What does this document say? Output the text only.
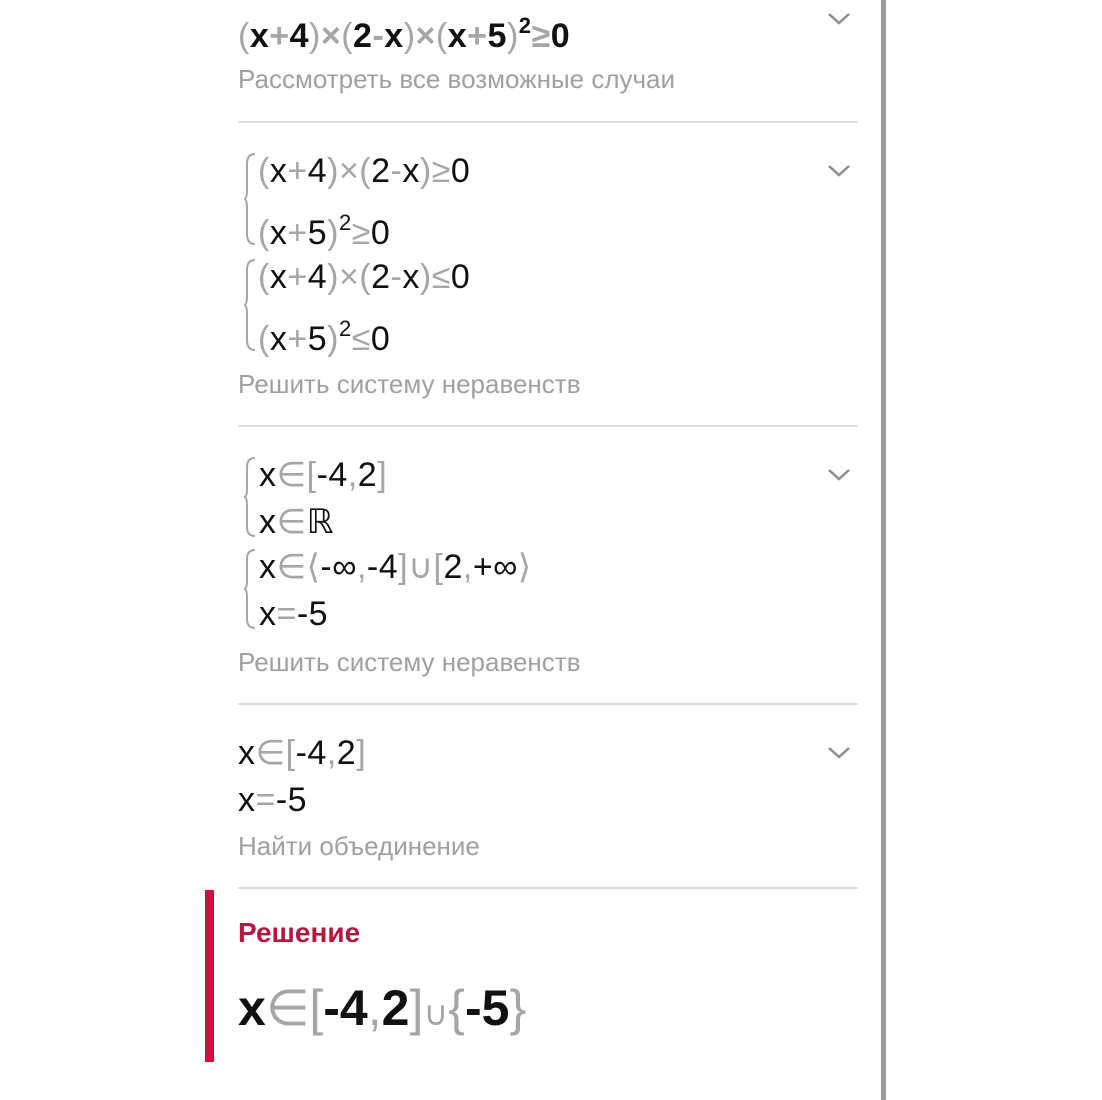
$(x+4)\times(2-x)\times(x+5)^2\ge 0$
Рассмотреть все возможные случаи
(x+4)×(2-x)≥0
$(x+5)^2\ge 0$
(x+4)×(2-x)≤0
$(x+5)^2\le 0$
Решить систему неравенств
x∈[-4,2]
x∈ℝ
x∈⟨-∞,-4]∪[2,+∞⟩
x=-5
Решить систему неравенств
x∈[-4,2]
x=-5
Найти объединение
Решение
x∈[-4,2]∪{-5}
